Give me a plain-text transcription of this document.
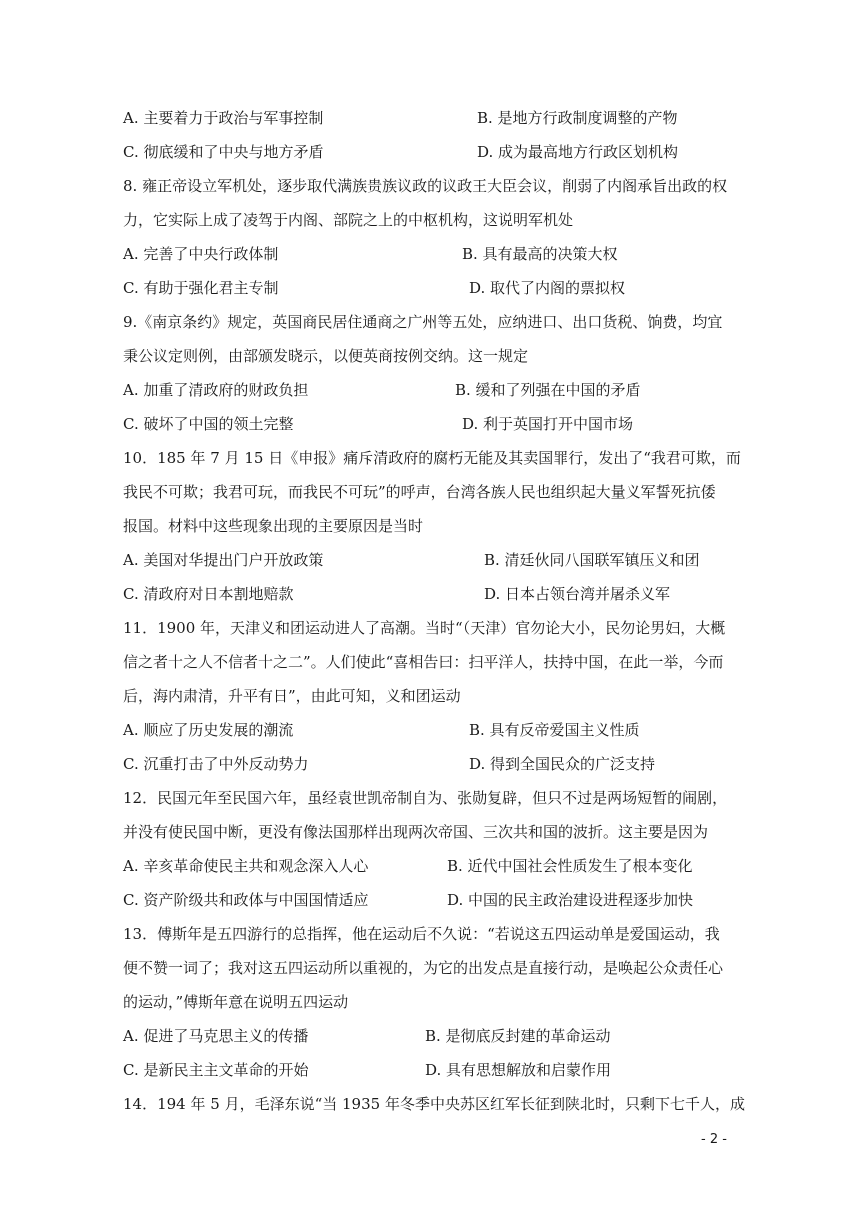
A. 主要着力于政治与军事控制	B. 是地方行政制度调整的产物
C. 彻底缓和了中央与地方矛盾	D. 成为最高地方行政区划机构
8. 雍正帝设立军机处，逐步取代满族贵族议政的议政王大臣会议，削弱了内阁承旨出政的权
力，它实际上成了凌驾于内阁、部院之上的中枢机构，这说明军机处
A. 完善了中央行政体制	B. 具有最高的决策大权
C. 有助于强化君主专制	D. 取代了内阁的票拟权
9.《南京条约》规定，英国商民居住通商之广州等五处，应纳进口、出口货税、饷费，均宜
秉公议定则例，由部颁发晓示，以便英商按例交纳。这一规定
A. 加重了清政府的财政负担	B. 缓和了列强在中国的矛盾
C. 破坏了中国的领土完整	D. 利于英国打开中国市场
10．185 年 7 月 15 日《申报》痛斥清政府的腐朽无能及其卖国罪行，发出了“我君可欺，而
我民不可欺；我君可玩，而我民不可玩”的呼声，台湾各族人民也组织起大量义军誓死抗倭
报国。材料中这些现象出现的主要原因是当时
A. 美国对华提出门户开放政策	B. 清廷伙同八国联军镇压义和团
C. 清政府对日本割地赔款	D. 日本占领台湾并屠杀义军
11．1900 年，天津义和团运动进人了高潮。当时“（天津）官勿论大小，民勿论男妇，大概
信之者十之人不信者十之二”。人们使此“喜相告曰：扫平洋人，扶持中国，在此一举，今而
后，海内肃清，升平有日”，由此可知，义和团运动
A. 顺应了历史发展的潮流	B. 具有反帝爱国主义性质
C. 沉重打击了中外反动势力	D. 得到全国民众的广泛支持
12．民国元年至民国六年，虽经袁世凯帝制自为、张勋复辟，但只不过是两场短暂的闹剧，
并没有使民国中断，更没有像法国那样出现两次帝国、三次共和国的波折。这主要是因为
A. 辛亥革命使民主共和观念深入人心	B. 近代中国社会性质发生了根本变化
C. 资产阶级共和政体与中国国情适应	D. 中国的民主政治建设进程逐步加快
13．傅斯年是五四游行的总指挥，他在运动后不久说：“若说这五四运动单是爱国运动，我
便不赞一词了；我对这五四运动所以重视的，为它的出发点是直接行动，是唤起公众责任心
的运动，”傅斯年意在说明五四运动
A. 促进了马克思主义的传播	B. 是彻底反封建的革命运动
C. 是新民主主文革命的开始	D. 具有思想解放和启蒙作用
14．194 年 5 月，毛泽东说“当 1935 年冬季中央苏区红军长征到陕北时，只剩下七千人，成
- 2 -
